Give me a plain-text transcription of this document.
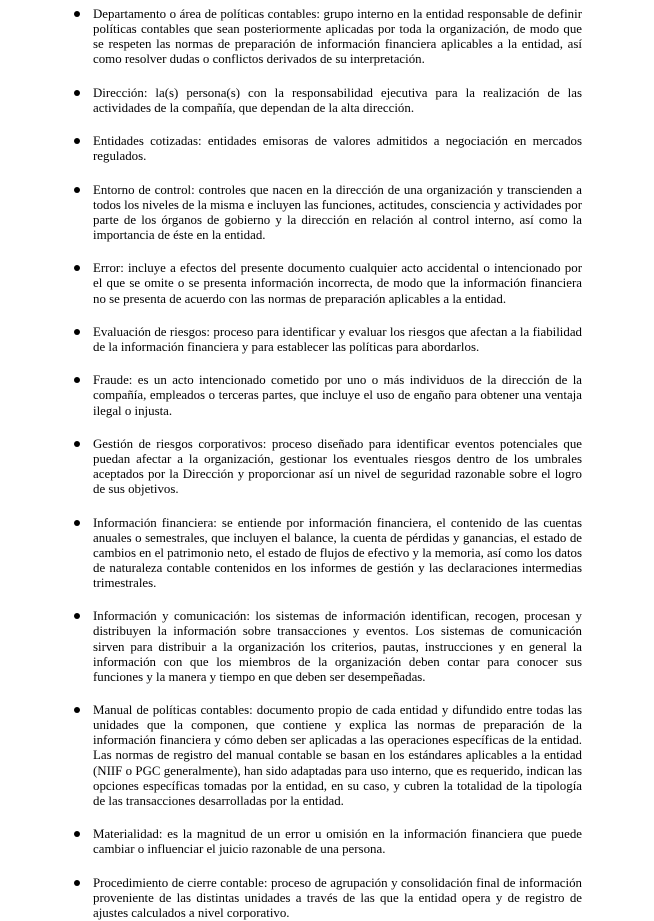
Departamento o área de políticas contables: grupo interno en la entidad responsable de definir políticas contables que sean posteriormente aplicadas por toda la organización, de modo que se respeten las normas de preparación de información financiera aplicables a la entidad, así como resolver dudas o conflictos derivados de su interpretación.
Dirección: la(s) persona(s) con la responsabilidad ejecutiva para la realización de las actividades de la compañía, que dependan de la alta dirección.
Entidades cotizadas: entidades emisoras de valores admitidos a negociación en mercados regulados.
Entorno de control: controles que nacen en la dirección de una organización y transcienden a todos los niveles de la misma e incluyen las funciones, actitudes, consciencia y actividades por parte de los órganos de gobierno y la dirección en relación al control interno, así como la importancia de éste en la entidad.
Error: incluye a efectos del presente documento cualquier acto accidental o intencionado por el que se omite o se presenta información incorrecta, de modo que la información financiera no se presenta de acuerdo con las normas de preparación aplicables a la entidad.
Evaluación de riesgos: proceso para identificar y evaluar los riesgos que afectan a la fiabilidad de la información financiera y para establecer las políticas para abordarlos.
Fraude: es un acto intencionado cometido por uno o más individuos de la dirección de la compañía, empleados o terceras partes, que incluye el uso de engaño para obtener una ventaja ilegal o injusta.
Gestión de riesgos corporativos: proceso diseñado para identificar eventos potenciales que puedan afectar a la organización, gestionar los eventuales riesgos dentro de los umbrales aceptados por la Dirección y proporcionar así un nivel de seguridad razonable sobre el logro de sus objetivos.
Información financiera: se entiende por información financiera, el contenido de las cuentas anuales o semestrales, que incluyen el balance, la cuenta de pérdidas y ganancias, el estado de cambios en el patrimonio neto, el estado de flujos de efectivo y la memoria, así como los datos de naturaleza contable contenidos en los informes de gestión y las declaraciones intermedias trimestrales.
Información y comunicación: los sistemas de información identifican, recogen, procesan y distribuyen la información sobre transacciones y eventos. Los sistemas de comunicación sirven para distribuir a la organización los criterios, pautas, instrucciones y en general la información con que los miembros de la organización deben contar para conocer sus funciones y la manera y tiempo en que deben ser desempeñadas.
Manual de políticas contables: documento propio de cada entidad y difundido entre todas las unidades que la componen, que contiene y explica las normas de preparación de la información financiera y cómo deben ser aplicadas a las operaciones específicas de la entidad. Las normas de registro del manual contable se basan en los estándares aplicables a la entidad (NIIF o PGC generalmente), han sido adaptadas para uso interno, que es requerido, indican las opciones específicas tomadas por la entidad, en su caso, y cubren la totalidad de la tipología de las transacciones desarrolladas por la entidad.
Materialidad: es la magnitud de un error u omisión en la información financiera que puede cambiar o influenciar el juicio razonable de una persona.
Procedimiento de cierre contable: proceso de agrupación y consolidación final de información proveniente de las distintas unidades a través de las que la entidad opera y de registro de ajustes calculados a nivel corporativo.
